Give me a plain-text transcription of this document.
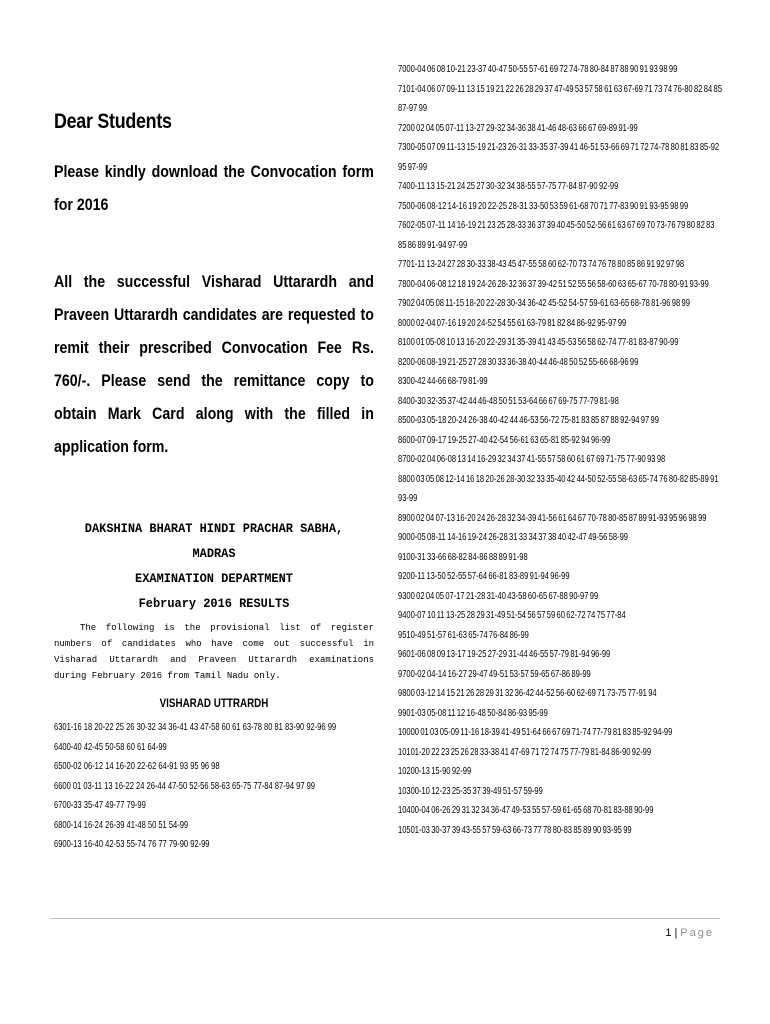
Dear Students

Please kindly download the Convocation form for 2016

All the successful Visharad Uttarardh and Praveen Uttarardh candidates are requested to remit their prescribed Convocation Fee Rs. 760/-. Please send the remittance copy to obtain Mark Card along with the filled in application form.

DAKSHINA BHARAT HINDI PRACHAR SABHA, MADRAS
EXAMINATION DEPARTMENT
February 2016 RESULTS
The following is the provisional list of register numbers of candidates who have come out successful in Visharad Uttarardh and Praveen Uttarardh examinations during February 2016 from Tamil Nadu only.
VISHARAD UTTRARDH
6301-16 18 20-22 25 26 30-32 34 36-41 43 47-58 60 61 63-78 80 81 83-90 92-96 99
6400-40 42-45 50-58 60 61 64-99
6500-02 06-12 14 16-20 22-62 64-91 93 95 96 98
6600 01 03-11 13 16-22 24 26-44 47-50 52-56 58-63 65-75 77-84 87-94 97 99
6700-33 35-47 49-77 79-99
6800-14 16-24 26-39 41-48 50 51 54-99
6900-13 16-40 42-53 55-74 76 77 79-90 92-99
7000-04 06 08 10-21 23-37 40-47 50-55 57-61 69 72 74-78 80-84 87 88 90 91 93 98 99
7101-04 06 07 09-11 13 15 19 21 22 26 28 29 37 47-49 53 57 58 61 63 67-69 71 73 74 76-80 82 84 85 87-97 99
7200 02 04 05 07-11 13-27 29-32 34-36 38 41-46 48-63 66 67 69-89 91-99
7300-05 07 09 11-13 15-19 21-23 26-31 33-35 37-39 41 46-51 53-66 69 71 72 74-78 80 81 83 85-92 95 97-99
7400-11 13 15-21 24 25 27 30-32 34 38-55 57-75 77-84 87-90 92-99
7500-06 08-12 14-16 19 20 22-25 28-31 33-50 53 59 61-68 70 71 77-83 90 91 93-95 98 99
7602-05 07-11 14 16-19 21 23 25 28-33 36 37 39 40 45-50 52-56 61 63 67 69 70 73-76 79 80 82 83 85 86 89 91-94 97-99
7701-11 13-24 27 28 30-33 38-43 45 47-55 58 60 62-70 73 74 76 78 80 85 86 91 92 97 98
7800-04 06-08 12 18 19 24-26 28-32 36 37 39-42 51 52 55 56 58-60 63 65-67 70-78 80-91 93-99
7902 04 05 08 11-15 18-20 22-28 30-34 36-42 45-52 54-57 59-61 63-65 68-78 81-96 98 99
8000 02-04 07-16 19 20 24-52 54 55 61 63-79 81 82 84 86-92 95-97 99
8100 01 05-08 10 13 16-20 22-29 31 35-39 41 43 45-53 56 58 62-74 77-81 83-87 90-99
8200-06 08-19 21-25 27 28 30 33 36-38 40-44 46-48 50 52 55-66 68-96 99
8300-42 44-66 68-79 81-99
8400-30 32-35 37-42 44 46-48 50 51 53-64 66 67 69-75 77-79 81-98
8500-03 05-18 20-24 26-38 40-42 44 46-53 56-72 75-81 83 85 87 88 92-94 97 99
8600-07 09-17 19-25 27-40 42-54 56-61 63 65-81 85-92 94 96-99
8700-02 04 06-08 13 14 16-29 32 34 37 41-55 57 58 60 61 67 69 71-75 77-90 93 98
8800 03 05 08 12-14 16 18 20-26 28-30 32 33 35-40 42 44-50 52-55 58-63 65-74 76 80-82 85-89 91 93-99
8900 02 04 07-13 16-20 24 26-28 32 34-39 41-56 61 64 67 70-78 80-85 87 89 91-93 95 96 98 99
9000-05 08-11 14-16 19-24 26-28 31 33 34 37 38 40 42-47 49-56 58-99
9100-31 33-66 68-82 84-86 88 89 91-98
9200-11 13-50 52-55 57-64 66-81 83-89 91-94 96-99
9300 02 04 05 07-17 21-28 31-40 43-58 60-65 67-88 90-97 99
9400-07 10 11 13-25 28 29 31-49 51-54 56 57 59 60 62-72 74 75 77-84
9510-49 51-57 61-63 65-74 76-84 86-99
9601-06 08 09 13-17 19-25 27-29 31-44 46-55 57-79 81-94 96-99
9700-02 04-14 16-27 29-47 49-51 53-57 59-65 67-86 89-99
9800 03-12 14 15 21 26 28 29 31 32 36-42 44-52 56-60 62-69 71 73-75 77-91 94
9901-03 05-08 11 12 16-48 50-84 86-93 95-99
10000 01 03 05-09 11-16 18-39 41-49 51-64 66 67 69 71-74 77-79 81 83 85-92 94-99
10101-20 22 23 25 26 28 33-38 41 47-69 71 72 74 75 77-79 81-84 86-90 92-99
10200-13 15-90 92-99
10300-10 12-23 25-35 37 39-49 51-57 59-99
10400-04 06-26 29 31 32 34 36-47 49-53 55 57-59 61-65 68 70-81 83-88 90-99
10501-03 30-37 39 43-55 57 59-63 66-73 77 78 80-83 85 89 90 93-95 99
1 | Page
